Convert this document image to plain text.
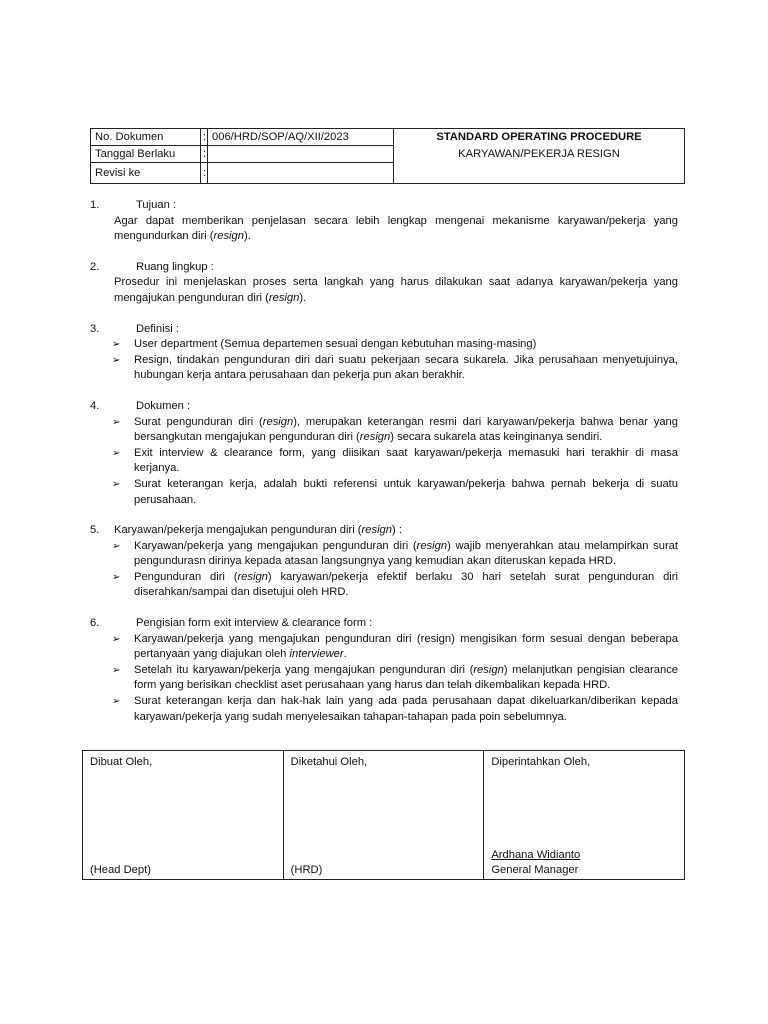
No. Dokumen	:	006/HRD/SOP/AQ/XII/2023	STANDARD OPERATING PROCEDURE
Tanggal Berlaku	:		KARYAWAN/PEKERJA RESIGN
Revisi ke	:		
1.	Tujuan :
Agar dapat memberikan penjelasan secara lebih lengkap mengenai mekanisme karyawan/pekerja yang mengundurkan diri (resign).
2.	Ruang lingkup :
Prosedur ini menjelaskan proses serta langkah yang harus dilakukan saat adanya karyawan/pekerja yang mengajukan pengunduran diri (resign).
3.	Definisi :
➢ User department (Semua departemen sesuai dengan kebutuhan masing-masing)
➢ Resign, tindakan pengunduran diri dari suatu pekerjaan secara sukarela. Jika perusahaan menyetujuinya, hubungan kerja antara perusahaan dan pekerja pun akan berakhir.
4.	Dokumen :
➢ Surat pengunduran diri (resign), merupakan keterangan resmi dari karyawan/pekerja bahwa benar yang bersangkutan mengajukan pengunduran diri (resign) secara sukarela atas keinginanya sendiri.
➢ Exit interview & clearance form, yang diisikan saat karyawan/pekerja memasuki hari terakhir di masa kerjanya.
➢ Surat keterangan kerja, adalah bukti referensi untuk karyawan/pekerja bahwa pernah bekerja di suatu perusahaan.
5. Karyawan/pekerja mengajukan pengunduran diri (resign) :
➢ Karyawan/pekerja yang mengajukan pengunduran diri (resign) wajib menyerahkan atau melampirkan surat pengundurasn dirinya kepada atasan langsungnya yang kemudian akan diteruskan kepada HRD.
➢ Pengunduran diri (resign) karyawan/pekerja efektif berlaku 30 hari setelah surat pengunduran diri diserahkan/sampai dan disetujui oleh HRD.
6.	Pengisian form exit interview & clearance form :
➢ Karyawan/pekerja yang mengajukan pengunduran diri (resign) mengisikan form sesuai dengan beberapa pertanyaan yang diajukan oleh interviewer.
➢ Setelah itu karyawan/pekerja yang mengajukan pengunduran diri (resign) melanjutkan pengisian clearance form yang berisikan checklist aset perusahaan yang harus dan telah dikembalikan kepada HRD.
➢ Surat keterangan kerja dan hak-hak lain yang ada pada perusahaan dapat dikeluarkan/diberikan kepada karyawan/pekerja yang sudah menyelesaikan tahapan-tahapan pada poin sebelumnya.
Dibuat Oleh,
(Head Dept)

Diketahui Oleh,
(HRD)

Diperintahkan Oleh,
Ardhana Widianto
General Manager
